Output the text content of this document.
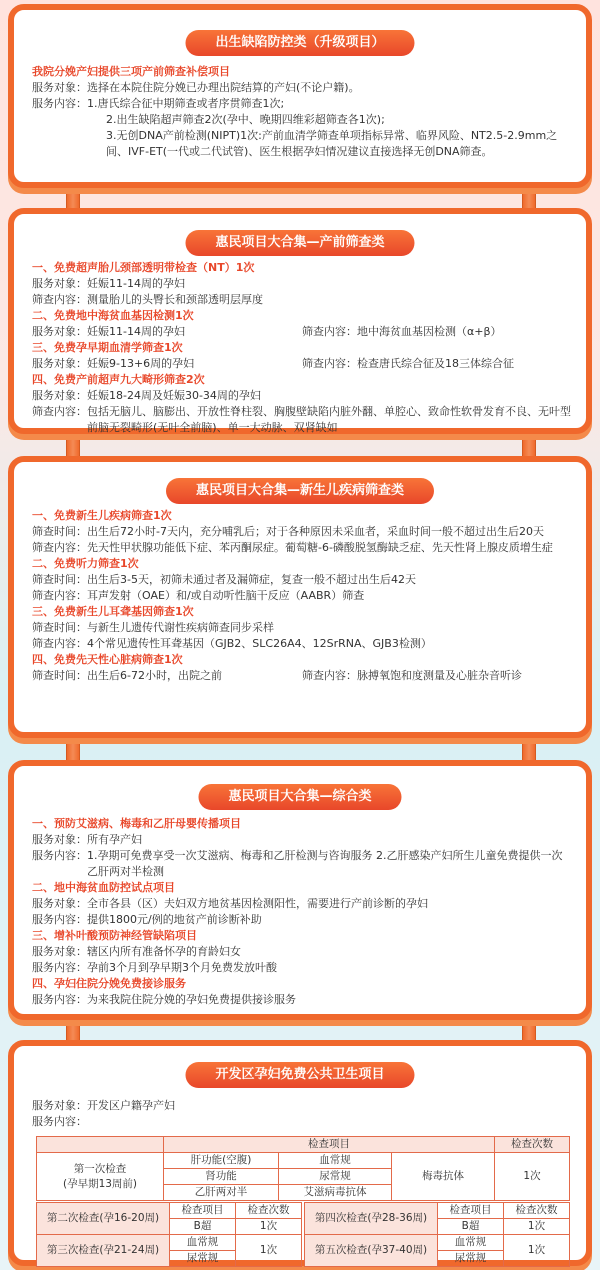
出生缺陷防控类（升级项目）
我院分娩产妇提供三项产前筛查补偿项目
服务对象： 选择在本院住院分娩已办理出院结算的产妇(不论户籍)。
服务内容： 1.唐氏综合征中期筛查或者序贯筛查1次;
2.出生缺陷超声筛查2次(孕中、晚期四维彩超筛查各1次);
3.无创DNA产前检测(NIPT)1次:产前血清学筛查单项指标异常、临界风险、NT2.5-2.9mm之间、IVF-ET(一代或二代试管)、医生根据孕妇情况建议直接选择无创DNA筛查。
惠民项目大合集—产前筛查类
一、免费超声胎儿颈部透明带检查（NT）1次
服务对象： 妊娠11-14周的孕妇
筛查内容： 测量胎儿的头臀长和颈部透明层厚度
二、免费地中海贫血基因检测1次
服务对象： 妊娠11-14周的孕妇	筛查内容： 地中海贫血基因检测（α+β）
三、免费孕早期血清学筛查1次
服务对象： 妊娠9-13+6周的孕妇	筛查内容： 检查唐氏综合征及18三体综合征
四、免费产前超声九大畸形筛查2次
服务对象： 妊娠18-24周及妊娠30-34周的孕妇
筛查内容： 包括无脑儿、脑膨出、开放性脊柱裂、胸腹壁缺陷内脏外翻、单腔心、致命性软骨发育不良、无叶型前脑无裂畸形(无叶全前脑)、单一大动脉、双肾缺如
惠民项目大合集—新生儿疾病筛查类
一、免费新生儿疾病筛查1次
筛查时间： 出生后72小时-7天内，充分哺乳后；对于各种原因未采血者，采血时间一般不超过出生后20天
筛查内容： 先天性甲状腺功能低下症、苯丙酮尿症。葡萄糖-6-磷酸脱氢酶缺乏症、先天性肾上腺皮质增生症
二、免费听力筛查1次
筛查时间： 出生后3-5天，初筛未通过者及漏筛症，复查一般不超过出生后42天
筛查内容： 耳声发射（OAE）和/或自动听性脑干反应（AABR）筛查
三、免费新生儿耳聋基因筛查1次
筛查时间： 与新生儿遗传代谢性疾病筛查同步采样
筛查内容： 4个常见遗传性耳聋基因（GJB2、SLC26A4、12SrRNA、GJB3检测）
四、免费先天性心脏病筛查1次
筛查时间： 出生后6-72小时，出院之前	筛查内容： 脉搏氧饱和度测量及心脏杂音听诊
惠民项目大合集—综合类
一、预防艾滋病、梅毒和乙肝母婴传播项目
服务对象： 所有孕产妇
服务内容： 1.孕期可免费享受一次艾滋病、梅毒和乙肝检测与咨询服务 2.乙肝感染产妇所生儿童免费提供一次乙肝两对半检测
二、地中海贫血防控试点项目
服务对象： 全市各县（区）夫妇双方地贫基因检测阳性，需要进行产前诊断的孕妇
服务内容： 提供1800元/例的地贫产前诊断补助
三、增补叶酸预防神经管缺陷项目
服务对象： 辖区内所有准备怀孕的育龄妇女
服务内容： 孕前3个月到孕早期3个月免费发放叶酸
四、孕妇住院分娩免费接诊服务
服务内容： 为来我院住院分娩的孕妇免费提供接诊服务
开发区孕妇免费公共卫生项目
服务对象： 开发区户籍孕产妇
服务内容：
	检查项目			检查次数

第一次检查
(孕早期13周前)	肝功能(空腹)	血常规	梅毒抗体	1次
	肾功能	尿常规		
	乙肝两对半	艾滋病毒抗体		
第二次检查(孕16-20周)	检查项目	检查次数
	B超	1次
第三次检查(孕21-24周)	血常规	1次
	尿常规	
第四次检查(孕28-36周)	检查项目	检查次数
	B超	1次
第五次检查(孕37-40周)	血常规	1次
	尿常规	
